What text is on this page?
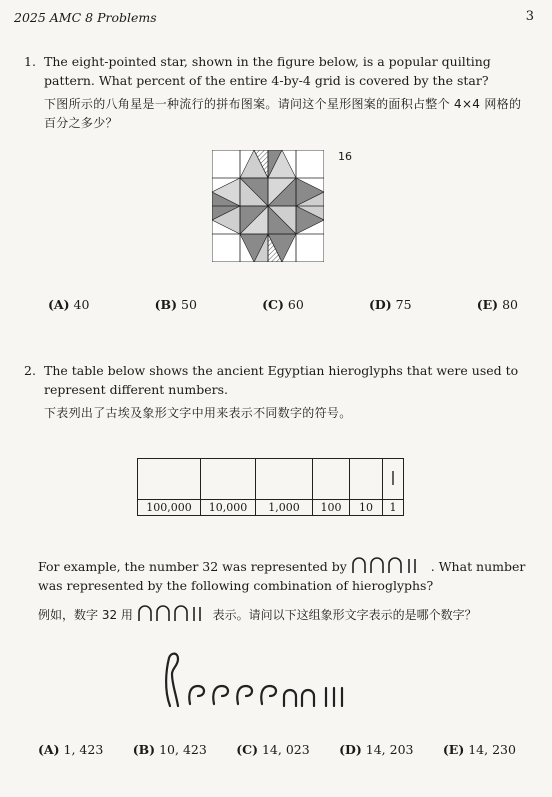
2025 AMC 8 Problems	3
1. The eight-pointed star, shown in the figure below, is a popular quilting pattern. What percent of the entire 4-by-4 grid is covered by the star?
下图所示的八角星是一种流行的拼布图案。请问这个星形图案的面积占整个 4×4 网格的百分之多少？
16
(A) 40	(B) 50	(C) 60	(D) 75	(E) 80
2. The table below shows the ancient Egyptian hieroglyphs that were used to represent different numbers.
下表列出了古埃及象形文字中用来表示不同数字的符号。

100,000	10,000	1,000	100	10	1
For example, the number 32 was represented by	. What number was represented by the following combination of hieroglyphs?
例如，数字 32 用	表示。请问以下这组象形文字表示的是哪个数字？
(A) 1, 423 (B) 10, 423 (C) 14, 023 (D) 14, 203 (E) 14, 230
